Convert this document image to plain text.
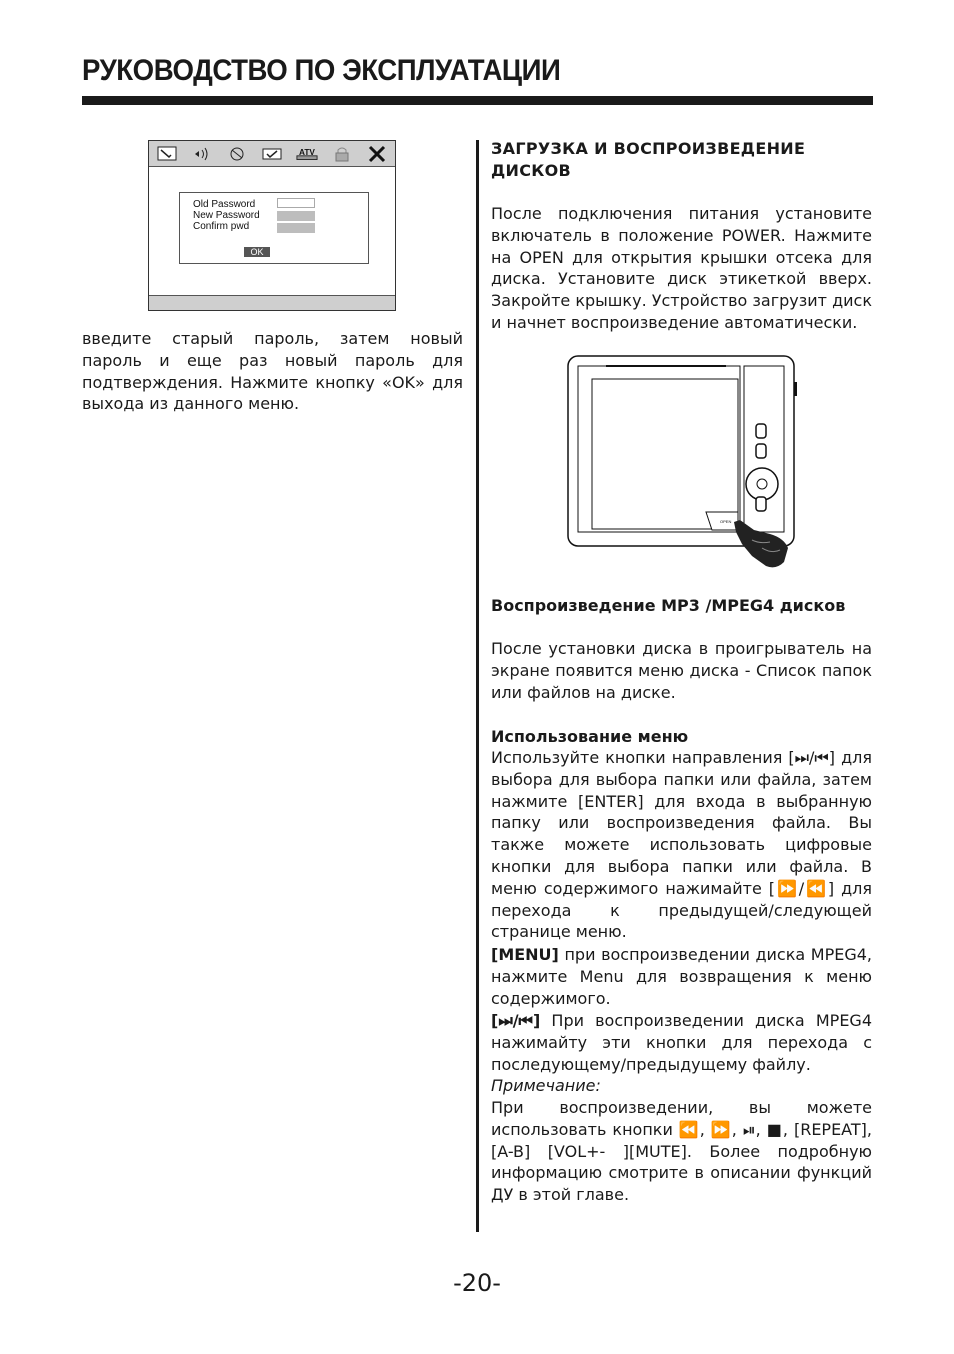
РУКОВОДСТВО ПО ЭКСПЛУАТАЦИИ
ATV
Old Password
New Password
Confirm pwd
OK

введите старый пароль, затем новый пароль и еще раз новый пароль для подтверждения. Нажмите кнопку «OK» для выхода из данного меню.

ЗАГРУЗКА И ВОСПРОИЗВЕДЕНИЕ ДИСКОВ

После подключения питания установите включатель в положение POWER. Нажмите на OPEN для открытия крышки отсека для диска. Установите диск этикеткой вверх. Закройте крышку. Устройство загрузит диск и начнет воспроизведение автоматически.

OPEN

Воспроизведение MP3 /MPEG4 дисков

После установки диска в проигрыватель на экране появится меню диска - Список папок или файлов на диске.

Использование меню

Используйте кнопки направления [⏭/⏮] для выбора для выбора папки или файла, затем нажмите [ENTER] для входа в выбранную папку или воспроизведения файла. Вы также можете использовать цифровые кнопки для выбора папки или файла. В меню содержимого нажимайте [⏩/⏪] для перехода к предыдущей/следующей странице меню.

[MENU] при воспроизведении диска MPEG4, нажмите Menu для возвращения к меню содержимого.

[⏭/⏮] При воспроизведении диска MPEG4 нажимайту эти кнопки для перехода с последующему/предыдущему файлу.

Примечание:

При воспроизведении, вы можете использовать кнопки ⏪, ⏩, ⏯, ■, [REPEAT], [A-B] [VOL+- ][MUTE]. Более подробную информацию смотрите в описании функций ДУ в этой главе.

-20-
